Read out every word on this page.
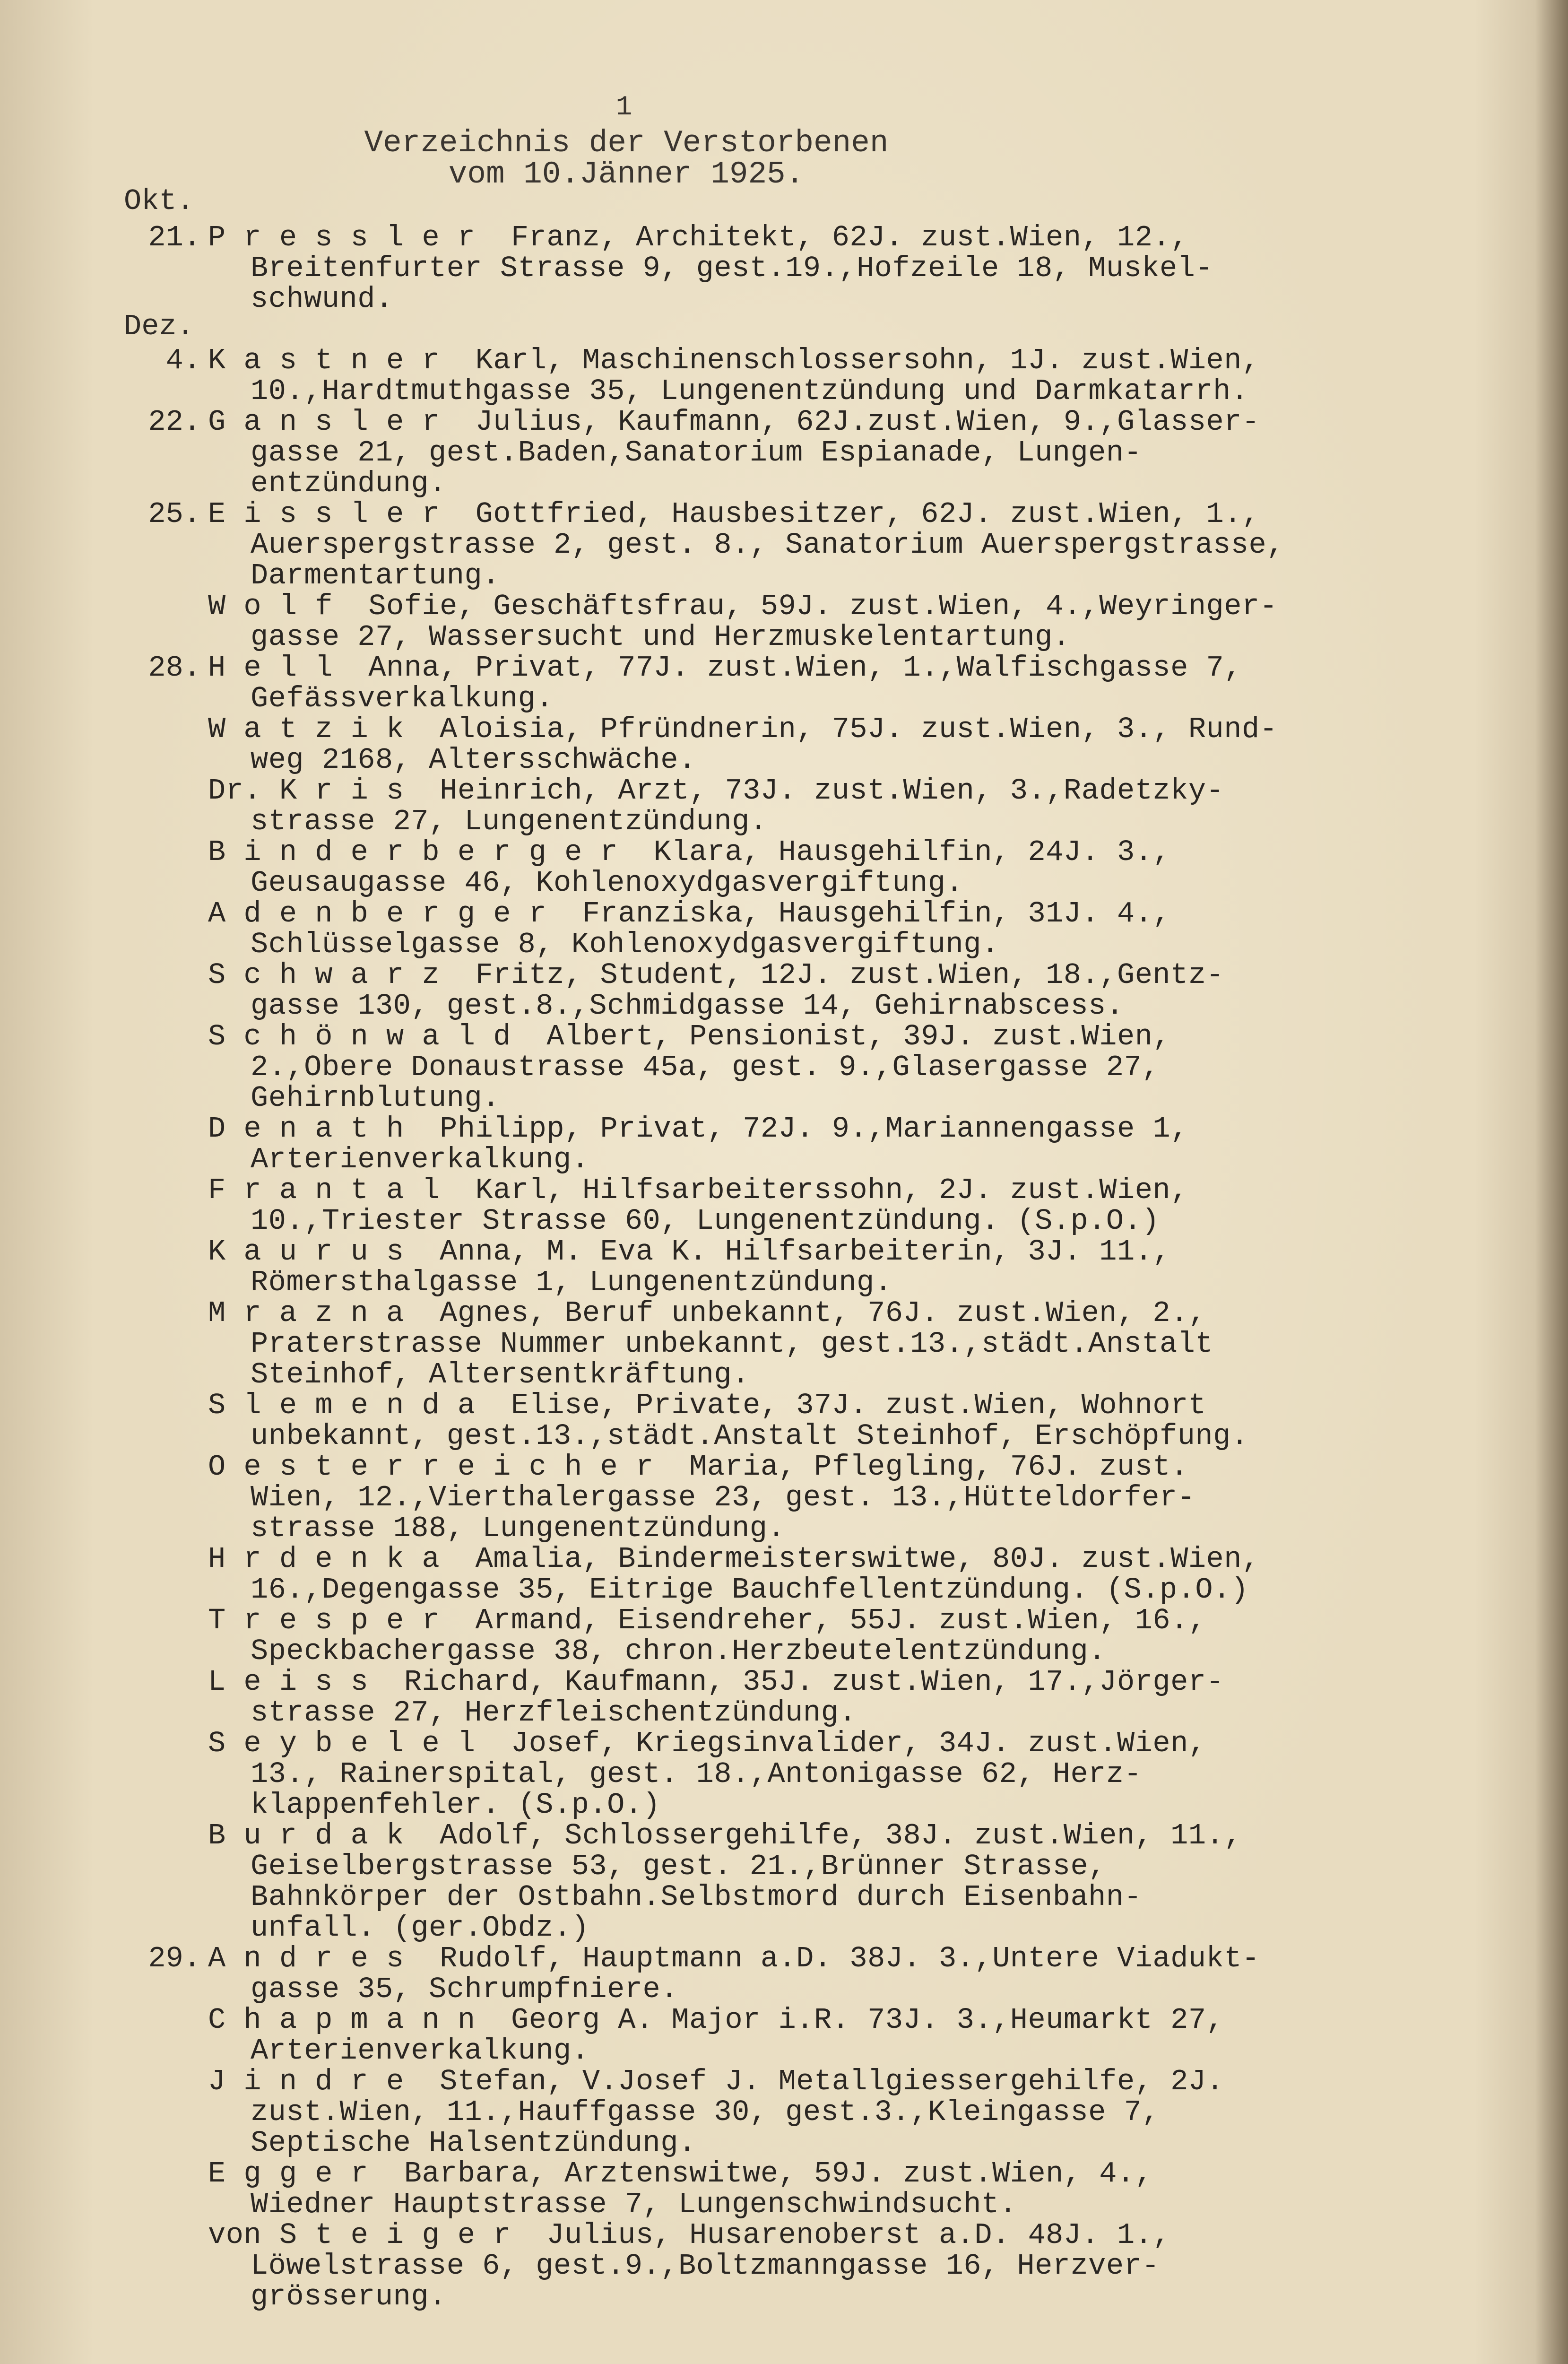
1
Verzeichnis der Verstorbenen
vom 10.Jänner 1925.
Okt.
Dez.
21. P r e s s l e r  Franz, Architekt, 62J. zust.Wien, 12.,
Breitenfurter Strasse 9, gest.19.,Hofzeile 18, Muskel-
schwund.
4. K a s t n e r  Karl, Maschinenschlossersohn, 1J. zust.Wien,
10.,Hardtmuthgasse 35, Lungenentzündung und Darmkatarrh.
22. G a n s l e r  Julius, Kaufmann, 62J.zust.Wien, 9.,Glasser-
gasse 21, gest.Baden,Sanatorium Espianade, Lungen-
entzündung.
25. E i s s l e r  Gottfried, Hausbesitzer, 62J. zust.Wien, 1.,
Auerspergstrasse 2, gest. 8., Sanatorium Auerspergstrasse,
Darmentartung.
W o l f  Sofie, Geschäftsfrau, 59J. zust.Wien, 4.,Weyringer-
gasse 27, Wassersucht und Herzmuskelentartung.
28. H e l l  Anna, Privat, 77J. zust.Wien, 1.,Walfischgasse 7,
Gefässverkalkung.
W a t z i k  Aloisia, Pfründnerin, 75J. zust.Wien, 3., Rund-
weg 2168, Altersschwäche.
Dr. K r i s  Heinrich, Arzt, 73J. zust.Wien, 3.,Radetzky-
strasse 27, Lungenentzündung.
B i n d e r b e r g e r  Klara, Hausgehilfin, 24J. 3.,
Geusaugasse 46, Kohlenoxydgasvergiftung.
A d e n b e r g e r  Franziska, Hausgehilfin, 31J. 4.,
Schlüsselgasse 8, Kohlenoxydgasvergiftung.
S c h w a r z  Fritz, Student, 12J. zust.Wien, 18.,Gentz-
gasse 130, gest.8.,Schmidgasse 14, Gehirnabscess.
S c h ö n w a l d  Albert, Pensionist, 39J. zust.Wien,
2.,Obere Donaustrasse 45a, gest. 9.,Glasergasse 27,
Gehirnblutung.
D e n a t h  Philipp, Privat, 72J. 9.,Mariannengasse 1,
Arterienverkalkung.
F r a n t a l  Karl, Hilfsarbeiterssohn, 2J. zust.Wien,
10.,Triester Strasse 60, Lungenentzündung. (S.p.O.)
K a u r u s  Anna, M. Eva K. Hilfsarbeiterin, 3J. 11.,
Römersthalgasse 1, Lungenentzündung.
M r a z n a  Agnes, Beruf unbekannt, 76J. zust.Wien, 2.,
Praterstrasse Nummer unbekannt, gest.13.,städt.Anstalt
Steinhof, Altersentkräftung.
S l e m e n d a  Elise, Private, 37J. zust.Wien, Wohnort
unbekannt, gest.13.,städt.Anstalt Steinhof, Erschöpfung.
O e s t e r r e i c h e r  Maria, Pflegling, 76J. zust.
Wien, 12.,Vierthalergasse 23, gest. 13.,Hütteldorfer-
strasse 188, Lungenentzündung.
H r d e n k a  Amalia, Bindermeisterswitwe, 80J. zust.Wien,
16.,Degengasse 35, Eitrige Bauchfellentzündung. (S.p.O.)
T r e s p e r  Armand, Eisendreher, 55J. zust.Wien, 16.,
Speckbachergasse 38, chron.Herzbeutelentzündung.
L e i s s  Richard, Kaufmann, 35J. zust.Wien, 17.,Jörger-
strasse 27, Herzfleischentzündung.
S e y b e l e l  Josef, Kriegsinvalider, 34J. zust.Wien,
13., Rainerspital, gest. 18.,Antonigasse 62, Herz-
klappenfehler. (S.p.O.)
B u r d a k  Adolf, Schlossergehilfe, 38J. zust.Wien, 11.,
Geiselbergstrasse 53, gest. 21.,Brünner Strasse,
Bahnkörper der Ostbahn.Selbstmord durch Eisenbahn-
unfall. (ger.Obdz.)
29. A n d r e s  Rudolf, Hauptmann a.D. 38J. 3.,Untere Viadukt-
gasse 35, Schrumpfniere.
C h a p m a n n  Georg A. Major i.R. 73J. 3.,Heumarkt 27,
Arterienverkalkung.
J i n d r e  Stefan, V.Josef J. Metallgiessergehilfe, 2J.
zust.Wien, 11.,Hauffgasse 30, gest.3.,Kleingasse 7,
Septische Halsentzündung.
E g g e r  Barbara, Arztenswitwe, 59J. zust.Wien, 4.,
Wiedner Hauptstrasse 7, Lungenschwindsucht.
von S t e i g e r  Julius, Husarenoberst a.D. 48J. 1.,
Löwelstrasse 6, gest.9.,Boltzmanngasse 16, Herzver-
grösserung.
